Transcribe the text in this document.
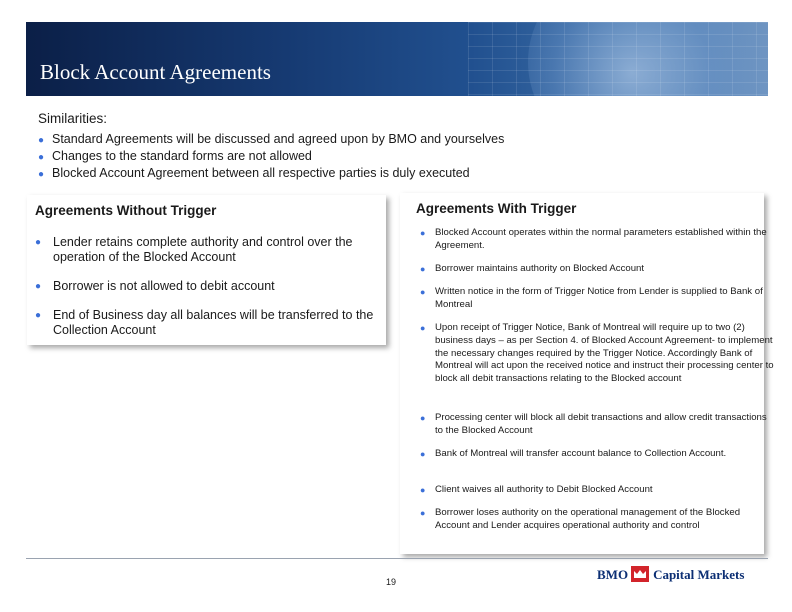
Block Account Agreements
Similarities:
● Standard Agreements will be discussed and agreed upon by BMO and yourselves
● Changes to the standard forms are not allowed
● Blocked Account Agreement between all respective parties is duly executed
Agreements Without Trigger
● Lender retains complete authority and control over the operation of the Blocked Account
● Borrower is not allowed to debit account
● End of Business day all balances will be transferred to the Collection Account
Agreements With Trigger
● Blocked Account operates within the normal parameters established within the Agreement.
● Borrower maintains authority on Blocked Account
● Written notice in the form of Trigger Notice from Lender is supplied to Bank of Montreal
● Upon receipt of Trigger Notice, Bank of Montreal will require up to two (2) business days – as per Section 4. of Blocked Account Agreement- to implement the necessary changes required by the Trigger Notice. Accordingly Bank of Montreal will act upon the received notice and instruct their processing center to block all debit transactions relating to the Blocked account
● Processing center will block all debit transactions and allow credit transactions to the Blocked Account
● Bank of Montreal will transfer account balance to Collection Account.
● Client waives all authority to Debit Blocked Account
● Borrower loses authority on the operational management of the Blocked Account and Lender acquires operational authority and control
19	BMO Capital Markets
